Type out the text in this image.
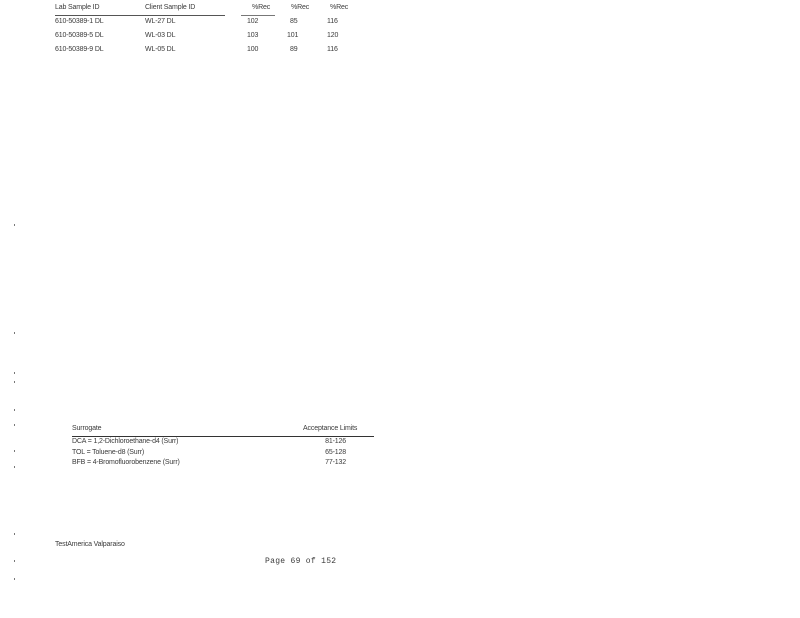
Lab Sample ID	Client Sample ID	%Rec	%Rec	%Rec
610-50389-1 DL	WL-27 DL	102	85	116
610-50389-5 DL	WL-03 DL	103	101	120
610-50389-9 DL	WL-05 DL	100	89	116
Surrogate	Acceptance Limits
DCA = 1,2-Dichloroethane-d4 (Surr)	81-126
TOL = Toluene-d8 (Surr)	65-128
BFB = 4-Bromofluorobenzene (Surr)	77-132
TestAmerica Valparaiso
Page 69 of 152
